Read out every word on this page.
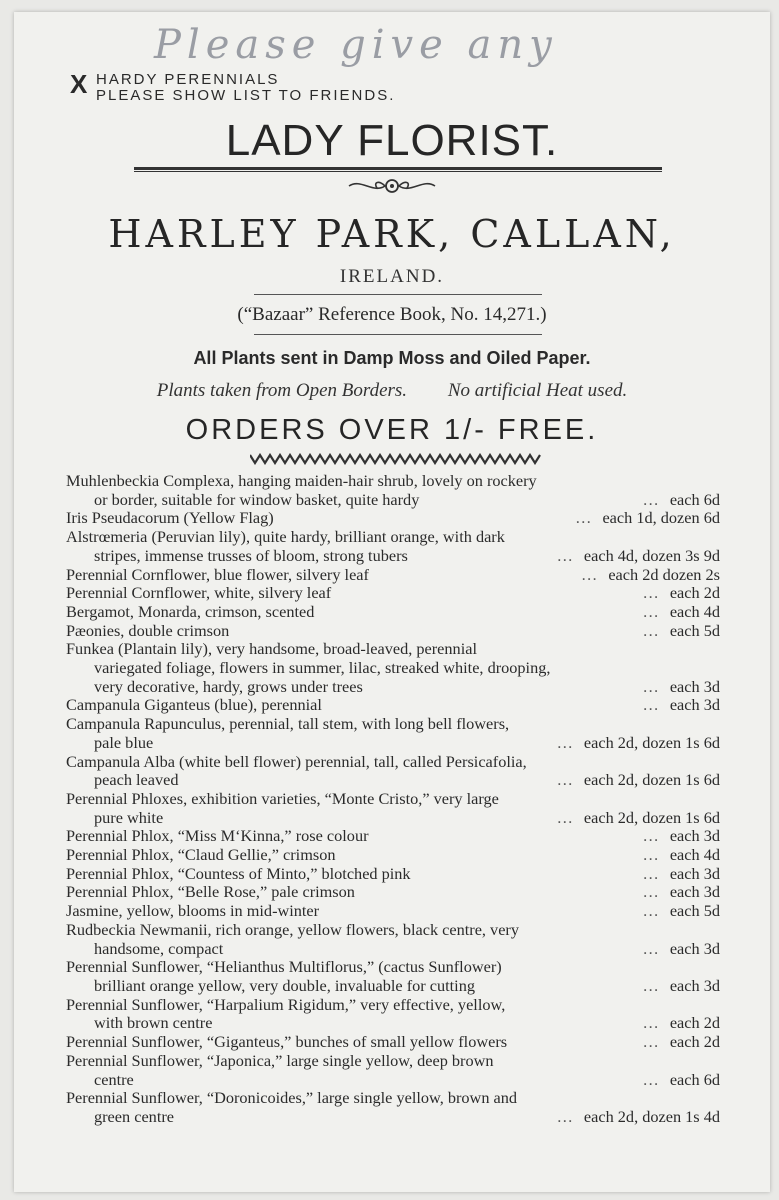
Please give any
X HARDY PERENNIALS
PLEASE SHOW LIST TO FRIENDS.
LADY FLORIST.
HARLEY PARK, CALLAN,
IRELAND.
(“Bazaar” Reference Book, No. 14,271.)
All Plants sent in Damp Moss and Oiled Paper.
Plants taken from Open Borders. No artificial Heat used.
ORDERS OVER 1/- FREE.
Muhlenbeckia Complexa, hanging maiden-hair shrub, lovely on rockery
or border, suitable for window basket, quite hardy	… each 6d
Iris Pseudacorum (Yellow Flag)	… each 1d, dozen 6d
Alstrœmeria (Peruvian lily), quite hardy, brilliant orange, with dark
stripes, immense trusses of bloom, strong tubers	… each 4d, dozen 3s 9d
Perennial Cornflower, blue flower, silvery leaf	… each 2d dozen 2s
Perennial Cornflower, white, silvery leaf	… each 2d
Bergamot, Monarda, crimson, scented	… each 4d
Pæonies, double crimson	… each 5d
Funkea (Plantain lily), very handsome, broad-leaved, perennial
variegated foliage, flowers in summer, lilac, streaked white, drooping,
very decorative, hardy, grows under trees	… each 3d
Campanula Giganteus (blue), perennial	… each 3d
Campanula Rapunculus, perennial, tall stem, with long bell flowers,
pale blue	… each 2d, dozen 1s 6d
Campanula Alba (white bell flower) perennial, tall, called Persicafolia,
peach leaved	… each 2d, dozen 1s 6d
Perennial Phloxes, exhibition varieties, “Monte Cristo,” very large
pure white	… each 2d, dozen 1s 6d
Perennial Phlox, “Miss M‘Kinna,” rose colour	… each 3d
Perennial Phlox, “Claud Gellie,” crimson	… each 4d
Perennial Phlox, “Countess of Minto,” blotched pink	… each 3d
Perennial Phlox, “Belle Rose,” pale crimson	… each 3d
Jasmine, yellow, blooms in mid-winter	… each 5d
Rudbeckia Newmanii, rich orange, yellow flowers, black centre, very
handsome, compact	… each 3d
Perennial Sunflower, “Helianthus Multiflorus,” (cactus Sunflower)
brilliant orange yellow, very double, invaluable for cutting	… each 3d
Perennial Sunflower, “Harpalium Rigidum,” very effective, yellow,
with brown centre	… each 2d
Perennial Sunflower, “Giganteus,” bunches of small yellow flowers	… each 2d
Perennial Sunflower, “Japonica,” large single yellow, deep brown
centre	… each 6d
Perennial Sunflower, “Doronicoides,” large single yellow, brown and
green centre	… each 2d, dozen 1s 4d
